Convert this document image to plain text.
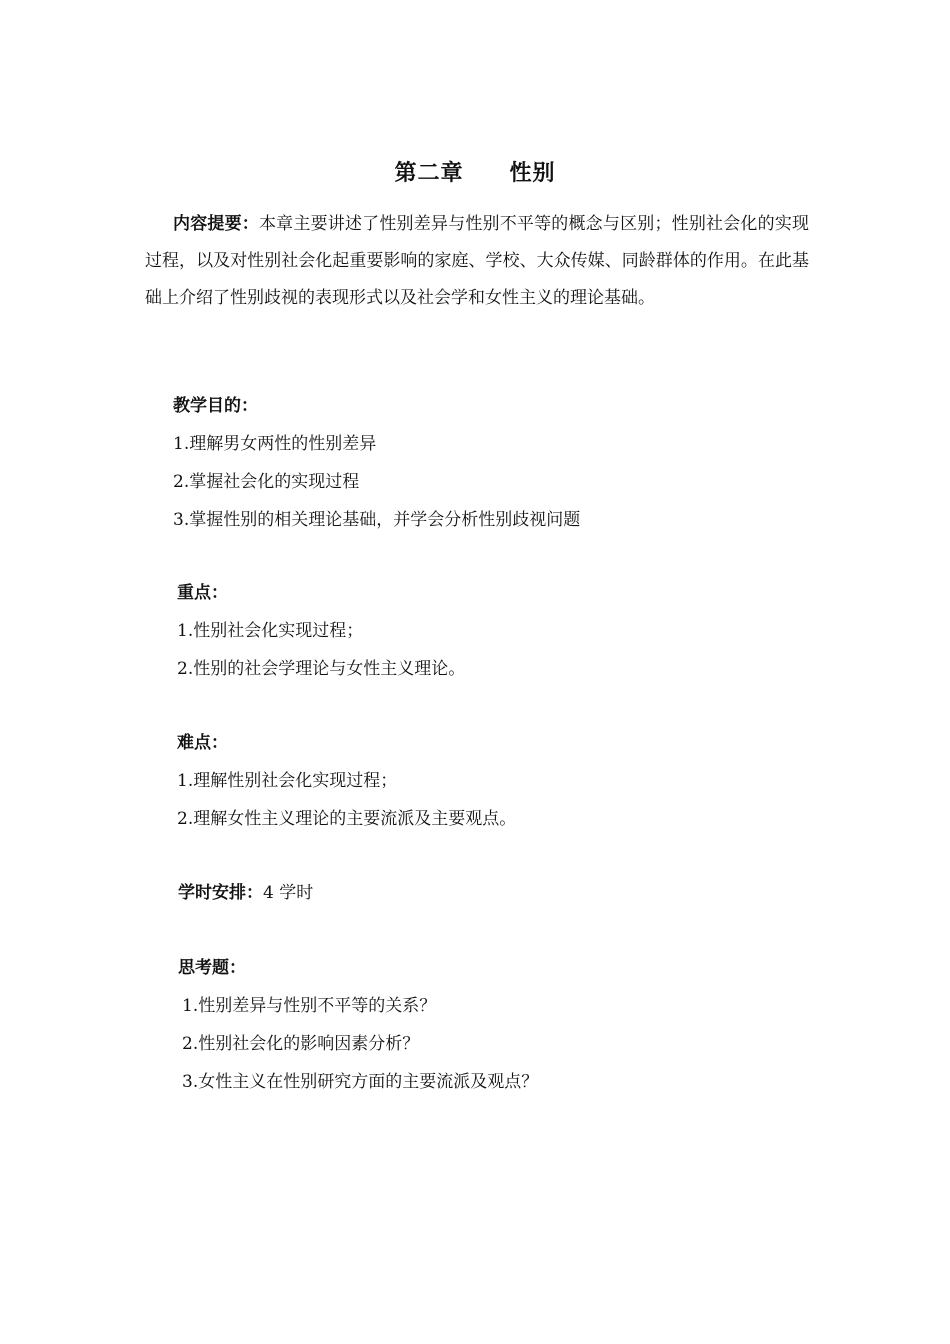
第二章　　性别

内容提要：本章主要讲述了性别差异与性别不平等的概念与区别；性别社会化的实现过程，以及对性别社会化起重要影响的家庭、学校、大众传媒、同龄群体的作用。在此基础上介绍了性别歧视的表现形式以及社会学和女性主义的理论基础。

教学目的：
1.理解男女两性的性别差异
2.掌握社会化的实现过程
3.掌握性别的相关理论基础，并学会分析性别歧视问题
重点：
1.性别社会化实现过程；
2.性别的社会学理论与女性主义理论。
难点：
1.理解性别社会化实现过程；
2.理解女性主义理论的主要流派及主要观点。
学时安排：4 学时
思考题：
1.性别差异与性别不平等的关系？
2.性别社会化的影响因素分析？
3.女性主义在性别研究方面的主要流派及观点？
